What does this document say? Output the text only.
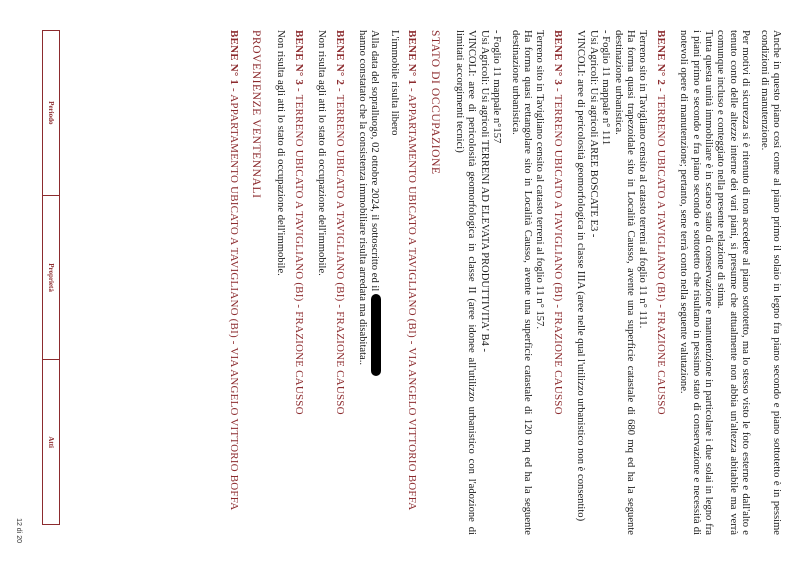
Anche in questo piano così come al piano primo il solaio in legno fra piano secondo e piano sottotetto è in pessime condizioni di manutenzione.

Per motivi di sicurezza si è ritenuto di non accedere al piano sottotetto, ma lo stesso visto le foto esterne e dall'alto e tenuto conto delle altezze interne dei vari piani, si presume che attualmente non abbia un'altezza abitabile ma verrà comunque incluso e conteggiato nella presente relazione di stima.

Tutta questa unità immobiliare è in scarso stato di conservazione e manutenzione in particolare i due solai in legno fra i piani primo e secondo e fra piano secondo e sottotetto che risultano in pessimo stato di conservazione e necessità di notevoli opere di manutenzione; pertanto, sene terrà conto nella seguente valutazione.

BENE N° 2 - TERRENO UBICATO A TAVIGLIANO (BI) - FRAZIONE CAUSSO

Terreno sito in Tavigliano censito al catasto terreni al foglio 11 n° 111.

Ha forma quasi trapezoidale sito in Località Causso, avente una superficie catastale di 680 mq ed ha la seguente destinazione urbanistica.

- Foglio 11 mappale n° 111

Usi Agricoli: Usi agricoli AREE BOSCATE E3 -

VINCOLI: aree di pericolosità geomorfologica in classe IIIA (aree nelle qual l'utilizzo urbanistico non è consentito)

BENE N° 3 - TERRENO UBICATO A TAVIGLIANO (BI) - FRAZIONE CAUSSO

Terreno sito in Tavigliano censito al catasto terreni al foglio 11 n° 157.

Ha forma quasi rettangolare sito in Località Causso, avente una superficie catastale di 120 mq ed ha la seguente destinazione urbanistica.

- Foglio 11 mappale n°157

Usi Agricoli: Usi agricoli TERRENI AD ELEVATA PRODUTTIVITA' B4 -

VINCOLI: aree di pericolosità geomorfologica in classe II (aree idonee all'utilizzo urbanistico con l'adozione di limitati accorgimenti tecnici)

STATO DI OCCUPAZIONE
BENE N° 1 - APPARTAMENTO UBICATO A TAVIGLIANO (BI) - VIA ANGELO VITTORIO BOFFA

L'immobile risulta libero

Alla data del sopralluogo, 02 ottobre 2024, il sottoscritto ed il

hanno constatato che la consistenza immobiliare risulta arredata ma disabitata..

BENE N° 2 - TERRENO UBICATO A TAVIGLIANO (BI) - FRAZIONE CAUSSO

Non risulta agli atti lo stato di occupazione dell'immobile.

BENE N° 3 - TERRENO UBICATO A TAVIGLIANO (BI) - FRAZIONE CAUSSO

Non risulta agli atti lo stato di occupazione dell'immobile.

PROVENIENZE VENTENNALI
BENE N° 1 - APPARTAMENTO UBICATO A TAVIGLIANO (BI) - VIA ANGELO VITTORIO BOFFA
Periodo
Proprietà
Atti
12 di 20
